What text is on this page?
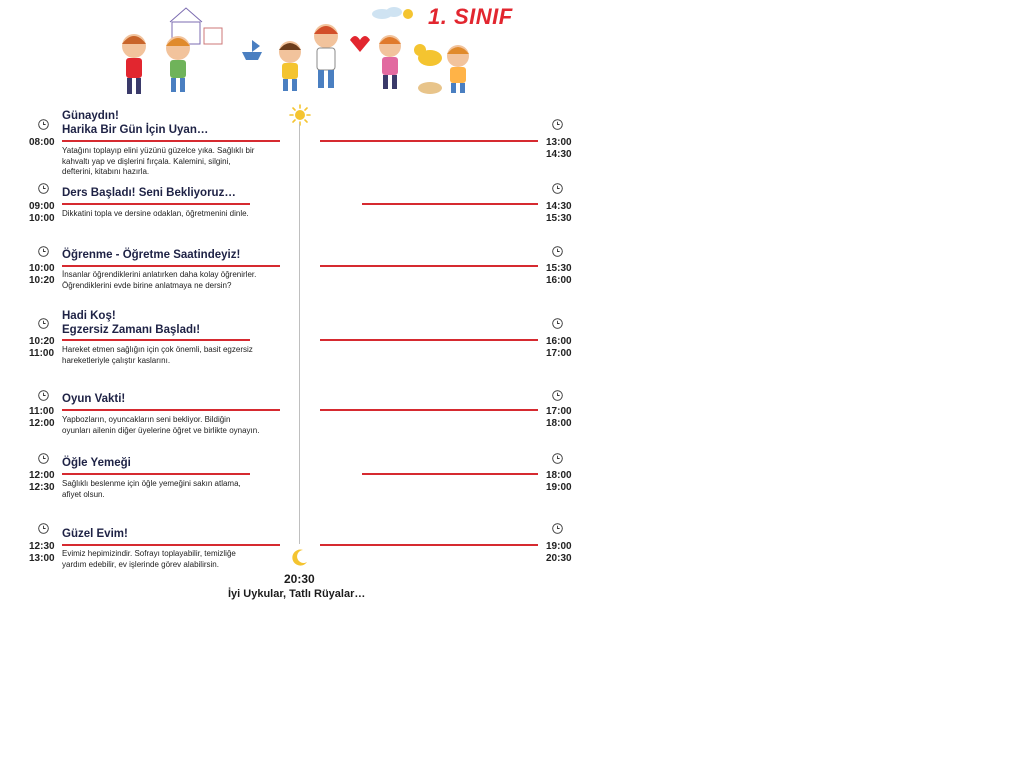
1. SINIF
20:30
İyi Uykular, Tatlı Rüyalar…
08:00
Günaydın!
Harika Bir Gün İçin Uyan…
Yatağını toplayıp elini yüzünü güzelce yıka. Sağlıklı bir kahvaltı yap ve dişlerini fırçala. Kalemini, silgini, defterini, kitabını hazırla.
09:00
10:00
Ders Başladı! Seni Bekliyoruz…
Dikkatini topla ve dersine odaklan, öğretmenini dinle.
10:00
10:20
Öğrenme - Öğretme Saatindeyiz!
İnsanlar öğrendiklerini anlatırken daha kolay öğrenirler. Öğrendiklerini evde birine anlatmaya ne dersin?
10:20
11:00
Hadi Koş!
Egzersiz Zamanı Başladı!
Hareket etmen sağlığın için çok önemli, basit egzersiz hareketleriyle çalıştır kaslarını.
11:00
12:00
Oyun Vakti!
Yapbozların, oyuncakların seni bekliyor. Bildiğin oyunları ailenin diğer üyelerine öğret ve birlikte oynayın.
12:00
12:30
Öğle Yemeği
Sağlıklı beslenme için öğle yemeğini sakın atlama, afiyet olsun.
12:30
13:00
Güzel Evim!
Evimiz hepimizindir. Sofrayı toplayabilir, temizliğe yardım edebilir, ev işlerinde görev alabilirsin.
13:00
14:30
14:30
15:30
15:30
16:00
16:00
17:00
17:00
18:00
18:00
19:00
19:00
20:30
